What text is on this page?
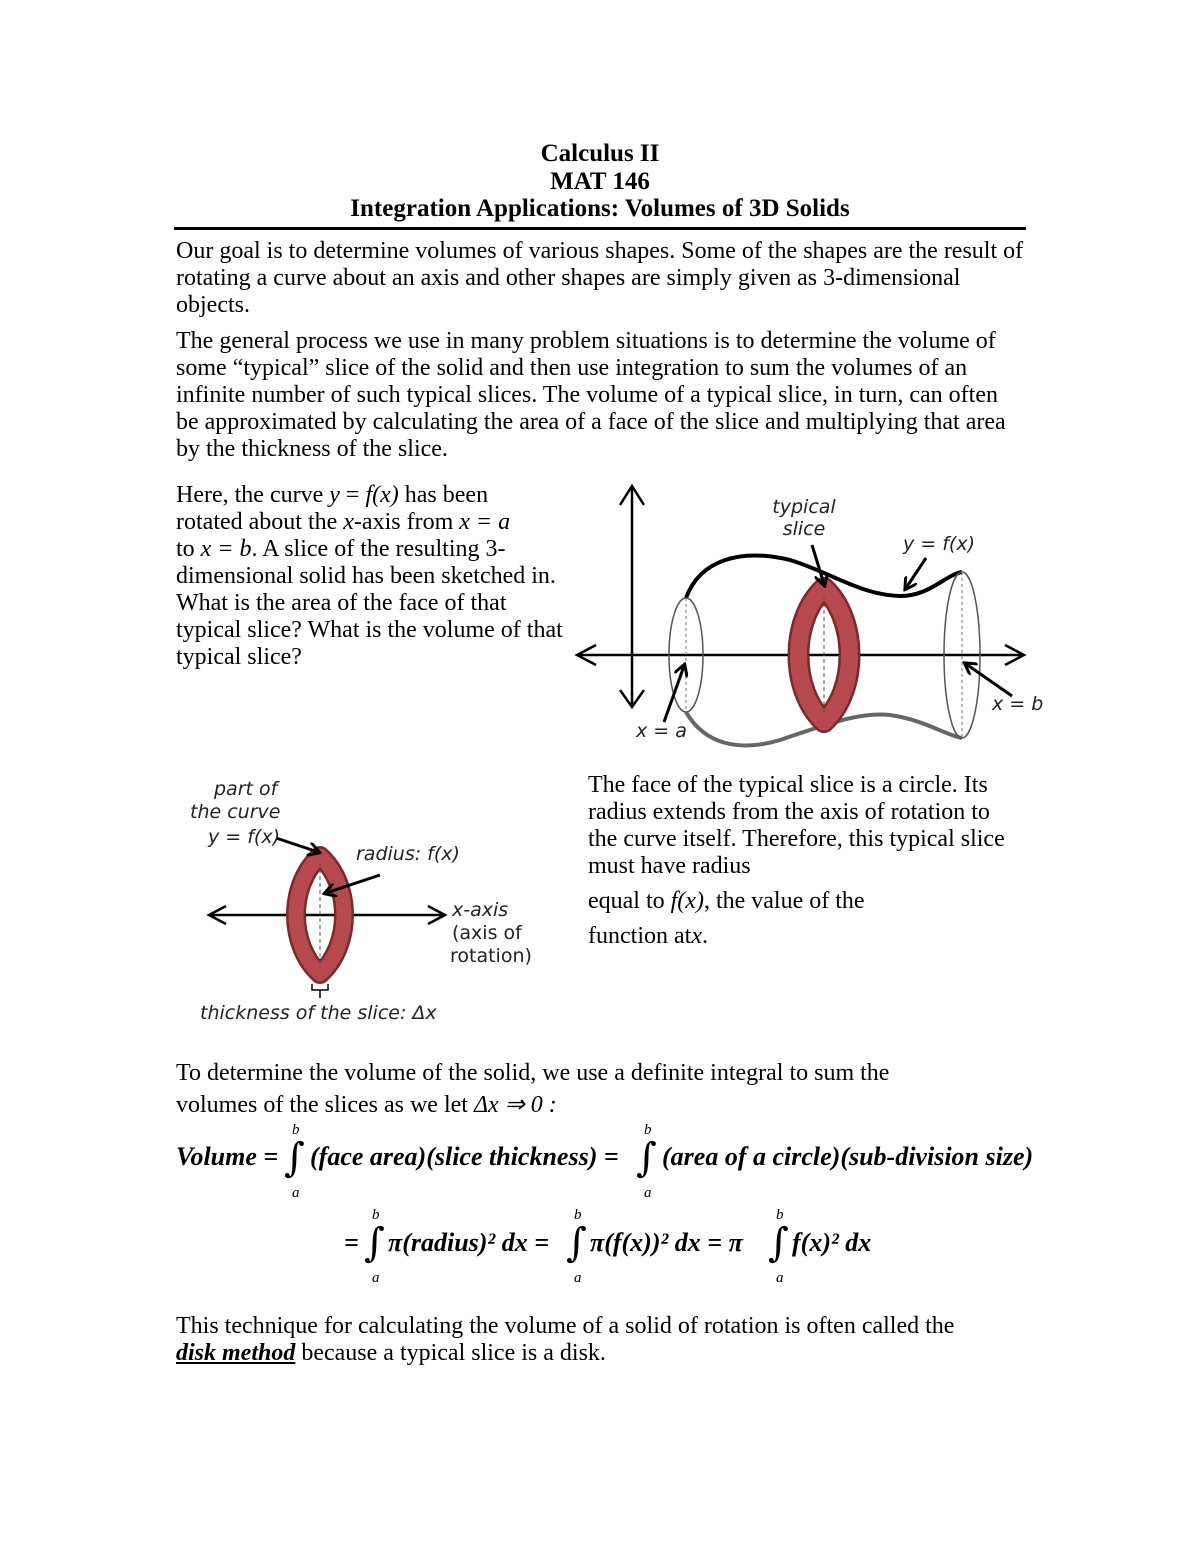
Calculus II
MAT 146
Integration Applications: Volumes of 3D Solids
Our goal is to determine volumes of various shapes. Some of the shapes are the result of rotating a curve about an axis and other shapes are simply given as 3-dimensional objects.
The general process we use in many problem situations is to determine the volume of some “typical” slice of the solid and then use integration to sum the volumes of an infinite number of such typical slices. The volume of a typical slice, in turn, can often be approximated by calculating the area of a face of the slice and multiplying that area by the thickness of the slice.
Here, the curve y = f(x) has been
rotated about the x-axis from x = a
to x = b. A slice of the resulting 3-dimensional solid has been sketched in. What is the area of the face of that typical slice? What is the volume of that typical slice?
typical
slice
y = f(x)
x = a
x = b
part of
the curve
y = f(x)
radius: f(x)
x-axis
(axis of
rotation)
thickness of the slice: Δx
The face of the typical slice is a circle. Its radius extends from the axis of rotation to the curve itself. Therefore, this typical slice must have radius
equal to f(x), the value of the
function atx.
To determine the volume of the solid, we use a definite integral to sum the
volumes of the slices as we let Δx ⇒ 0 :
Volume =
b
∫
a
(face area)(slice thickness) =
b
∫
a
(area of a circle)(sub-division size)
=
b
∫
a
π(radius)² dx =
b
∫
a
π(f(x))² dx = π
b
∫
a
f(x)² dx
This technique for calculating the volume of a solid of rotation is often called the disk method because a typical slice is a disk.
